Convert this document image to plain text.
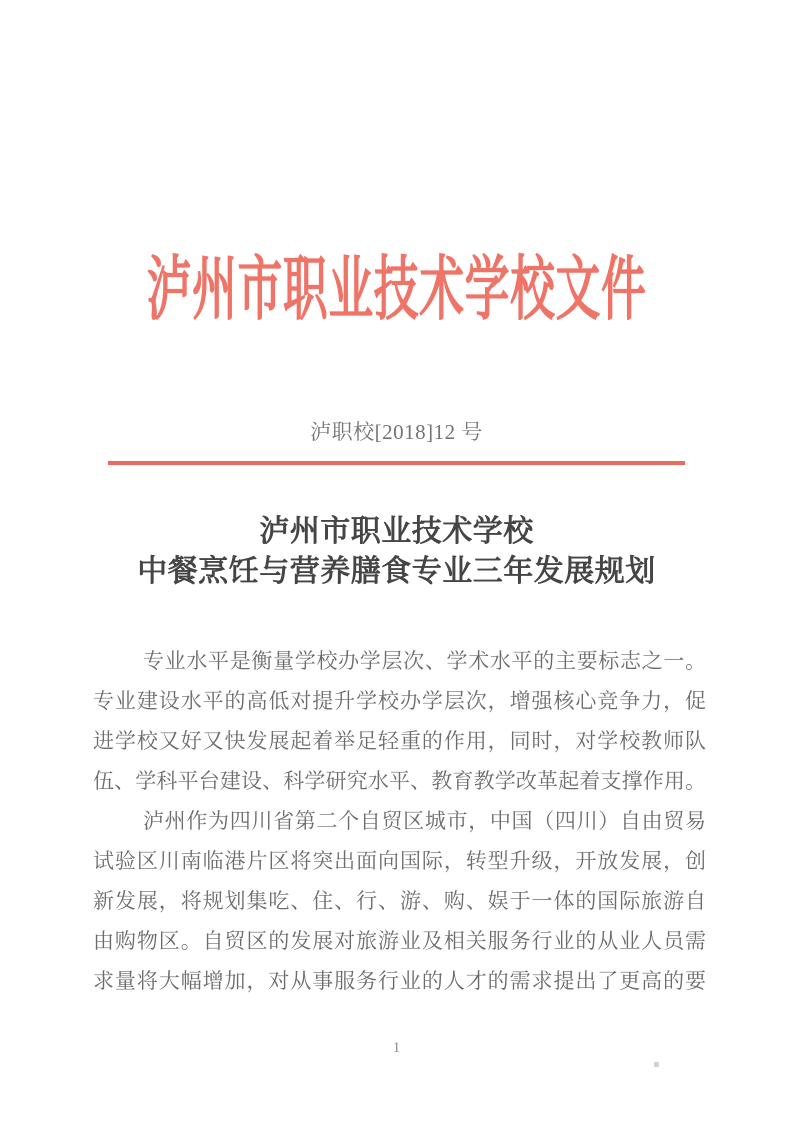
泸州市职业技术学校文件
泸职校[2018]12 号
泸州市职业技术学校
中餐烹饪与营养膳食专业三年发展规划
专业水平是衡量学校办学层次、学术水平的主要标志之一。
专业建设水平的高低对提升学校办学层次，增强核心竞争力，促
进学校又好又快发展起着举足轻重的作用，同时，对学校教师队
伍、学科平台建设、科学研究水平、教育教学改革起着支撑作用。
泸州作为四川省第二个自贸区城市，中国（四川）自由贸易
试验区川南临港片区将突出面向国际，转型升级，开放发展，创
新发展，将规划集吃、住、行、游、购、娱于一体的国际旅游自
由购物区。自贸区的发展对旅游业及相关服务行业的从业人员需
求量将大幅增加，对从事服务行业的人才的需求提出了更高的要
1
